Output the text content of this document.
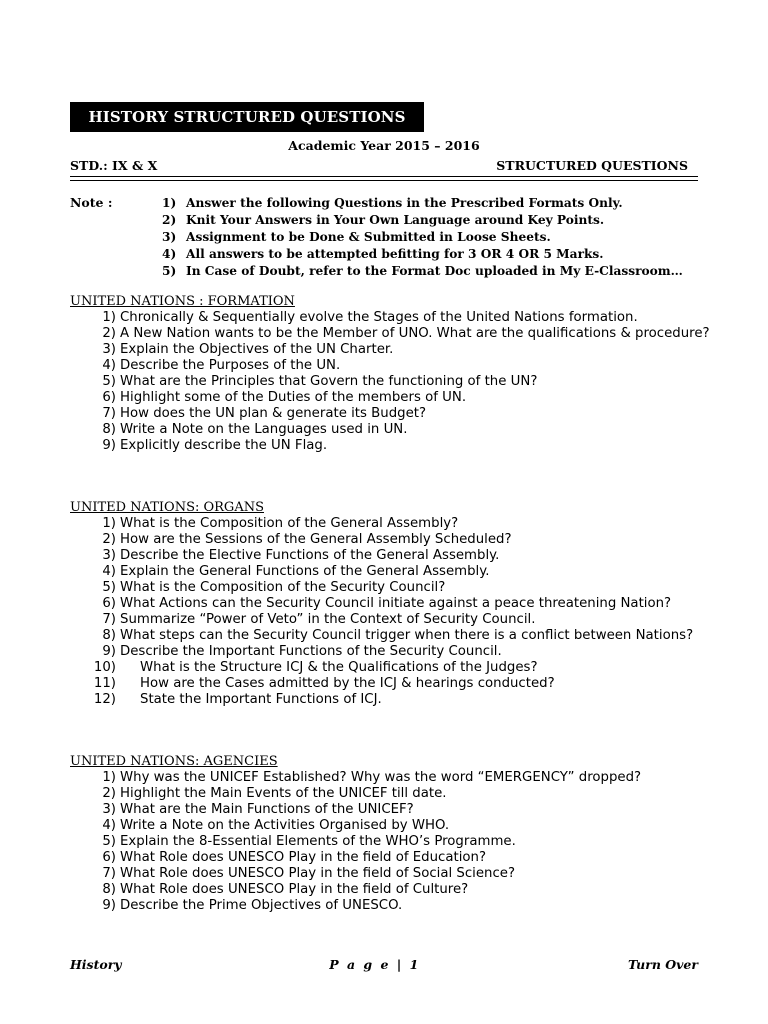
HISTORY STRUCTURED QUESTIONS
Academic Year 2015 – 2016
STD.: IX & X	STRUCTURED QUESTIONS
Note :	1) Answer the following Questions in the Prescribed Formats Only.
2) Knit Your Answers in Your Own Language around Key Points.
3) Assignment to be Done & Submitted in Loose Sheets.
4) All answers to be attempted befitting for 3 OR 4 OR 5 Marks.
5) In Case of Doubt, refer to the Format Doc uploaded in My E-Classroom…
UNITED NATIONS : FORMATION
1) Chronically & Sequentially evolve the Stages of the United Nations formation.
2) A New Nation wants to be the Member of UNO. What are the qualifications & procedure?
3) Explain the Objectives of the UN Charter.
4) Describe the Purposes of the UN.
5) What are the Principles that Govern the functioning of the UN?
6) Highlight some of the Duties of the members of UN.
7) How does the UN plan & generate its Budget?
8) Write a Note on the Languages used in UN.
9) Explicitly describe the UN Flag.
UNITED NATIONS: ORGANS
1) What is the Composition of the General Assembly?
2) How are the Sessions of the General Assembly Scheduled?
3) Describe the Elective Functions of the General Assembly.
4) Explain the General Functions of the General Assembly.
5) What is the Composition of the Security Council?
6) What Actions can the Security Council initiate against a peace threatening Nation?
7) Summarize “Power of Veto” in the Context of Security Council.
8) What steps can the Security Council trigger when there is a conflict between Nations?
9) Describe the Important Functions of the Security Council.
10)	What is the Structure ICJ & the Qualifications of the Judges?
11)	How are the Cases admitted by the ICJ & hearings conducted?
12)	State the Important Functions of ICJ.
UNITED NATIONS: AGENCIES
1) Why was the UNICEF Established? Why was the word “EMERGENCY” dropped?
2) Highlight the Main Events of the UNICEF till date.
3) What are the Main Functions of the UNICEF?
4) Write a Note on the Activities Organised by WHO.
5) Explain the 8-Essential Elements of the WHO’s Programme.
6) What Role does UNESCO Play in the field of Education?
7) What Role does UNESCO Play in the field of Social Science?
8) What Role does UNESCO Play in the field of Culture?
9) Describe the Prime Objectives of UNESCO.
History	P a g e | 1	Turn Over
